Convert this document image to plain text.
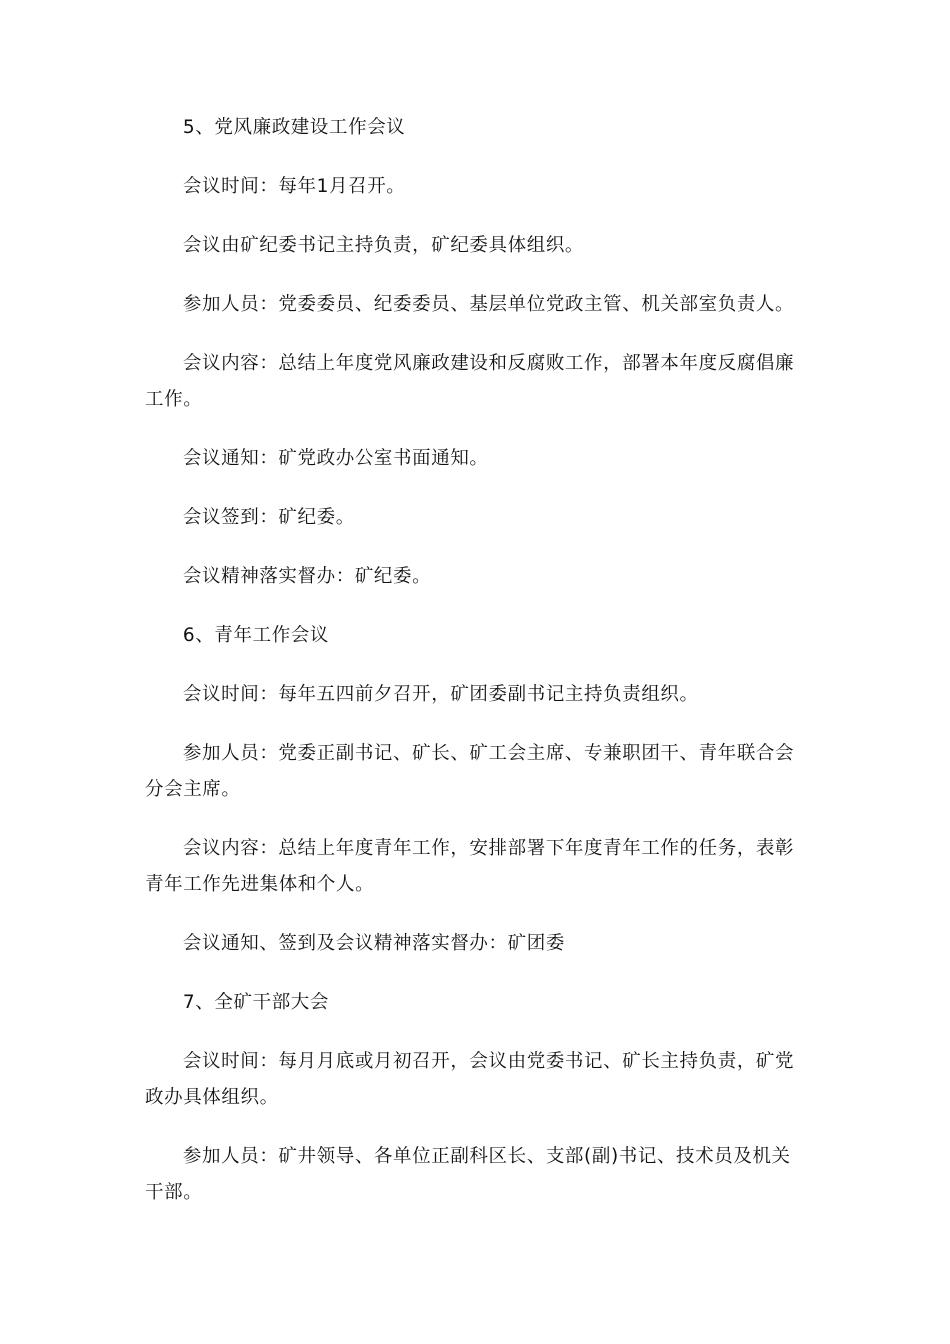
5、党风廉政建设工作会议

会议时间：每年1月召开。

会议由矿纪委书记主持负责，矿纪委具体组织。

参加人员：党委委员、纪委委员、基层单位党政主管、机关部室负责人。

会议内容：总结上年度党风廉政建设和反腐败工作，部署本年度反腐倡廉工作。

会议通知：矿党政办公室书面通知。

会议签到：矿纪委。

会议精神落实督办：矿纪委。

6、青年工作会议

会议时间：每年五四前夕召开，矿团委副书记主持负责组织。

参加人员：党委正副书记、矿长、矿工会主席、专兼职团干、青年联合会分会主席。

会议内容：总结上年度青年工作，安排部署下年度青年工作的任务，表彰青年工作先进集体和个人。

会议通知、签到及会议精神落实督办：矿团委

7、全矿干部大会

会议时间：每月月底或月初召开，会议由党委书记、矿长主持负责，矿党政办具体组织。

参加人员：矿井领导、各单位正副科区长、支部(副)书记、技术员及机关干部。
